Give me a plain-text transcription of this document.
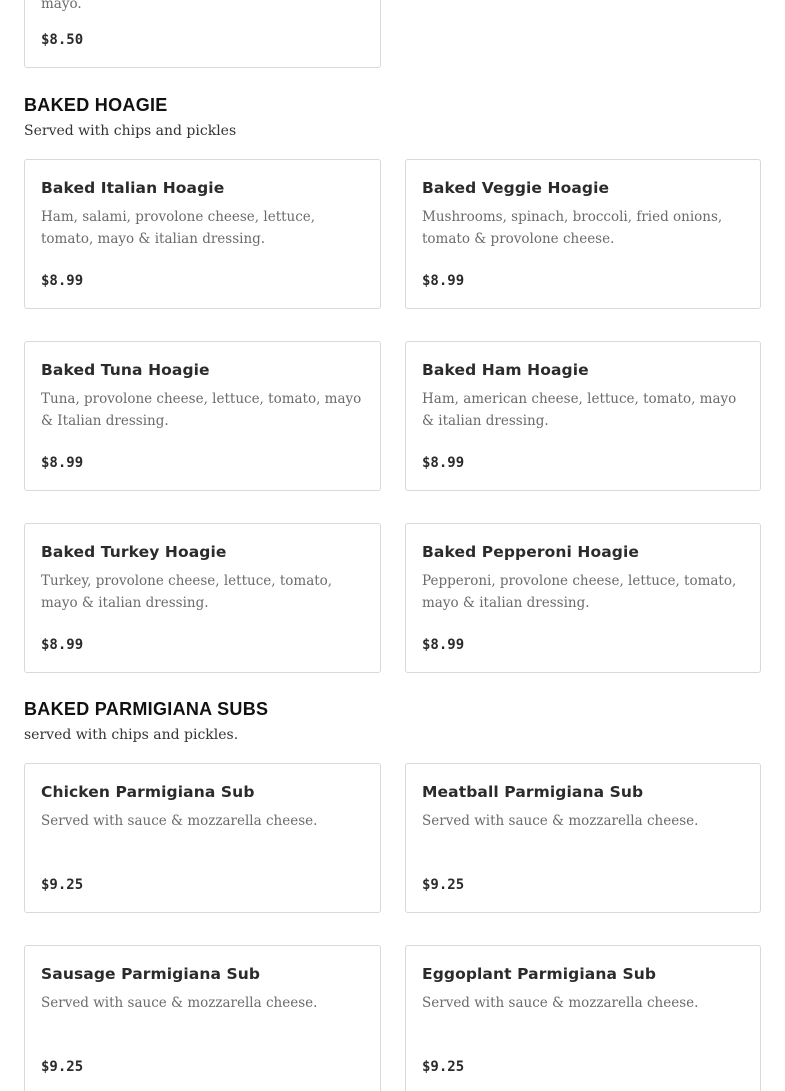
mayo.
$8.50
BAKED HOAGIE
Served with chips and pickles
Baked Italian Hoagie
Ham, salami, provolone cheese, lettuce, tomato, mayo & italian dressing.
$8.99
Baked Veggie Hoagie
Mushrooms, spinach, broccoli, fried onions, tomato & provolone cheese.
$8.99
Baked Tuna Hoagie
Tuna, provolone cheese, lettuce, tomato, mayo & Italian dressing.
$8.99
Baked Ham Hoagie
Ham, american cheese, lettuce, tomato, mayo & italian dressing.
$8.99
Baked Turkey Hoagie
Turkey, provolone cheese, lettuce, tomato, mayo & italian dressing.
$8.99
Baked Pepperoni Hoagie
Pepperoni, provolone cheese, lettuce, tomato, mayo & italian dressing.
$8.99
BAKED PARMIGIANA SUBS
served with chips and pickles.
Chicken Parmigiana Sub
Served with sauce & mozzarella cheese.
$9.25
Meatball Parmigiana Sub
Served with sauce & mozzarella cheese.
$9.25
Sausage Parmigiana Sub
Served with sauce & mozzarella cheese.
$9.25
Eggoplant Parmigiana Sub
Served with sauce & mozzarella cheese.
$9.25
